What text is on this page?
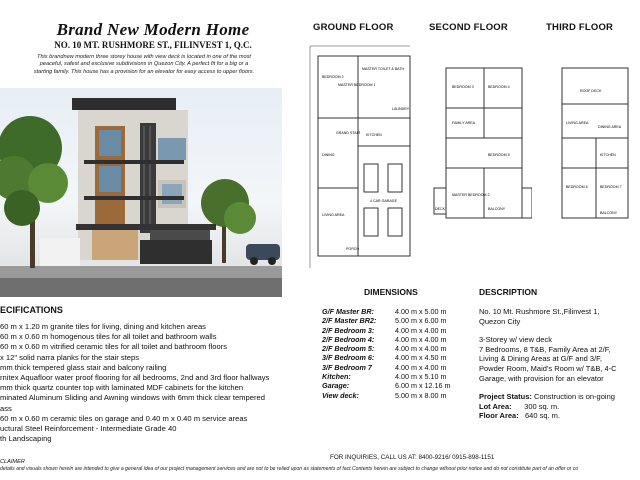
Brand New Modern Home
NO. 10 MT. RUSHMORE ST., FILINVEST 1, Q.C.
This brandnew modern three storey house with view deck is located in one of the most
peaceful, safest and exclusive subdivisions in Quezon City. A perfect fit for a big or a
starting family. This house has a provision for an elevator for easy access to upper floors.
GROUND FLOOR	SECOND FLOOR	THIRD FLOOR
MASTER TOILET & BATH
MASTER BEDROOM 1
BEDROOM 2
GRAND STAIR KITCHEN
DINING
LIVING AREA
4 CAR GARAGE
PORCH
LAUNDRY
BEDROOM 3	BEDROOM 4
FAMILY AREA
BEDROOM 5
MASTER BEDROOM 2
DECK	BALCONY
ROOF DECK
LIVING AREA
DINING AREA
KITCHEN
BEDROOM 6	BEDROOM 7
BALCONY
ECIFICATIONS
60 m x 1.20 m granite tiles for living, dining and kitchen areas
60 m x 0.60 m homogenous tiles for all toilet and bathroom walls
60 m x 0.60 m vitrified ceramic tiles for all toilet and bathroom floors
x 12" solid narra planks for the stair steps
mm thick tempered glass stair and balcony railing
rnitex Aquafloor water proof flooring for all bedrooms, 2nd and 3rd floor hallways
mm thick quartz counter top with laminated MDF cabinets for the kitchen
minated Aluminum Sliding and Awning windows with 6mm thick clear tempered
ass
60 m x 0.60 m ceramic tiles on garage and 0.40 m x 0.40 m service areas
uctural Steel Reinforcement - Intermediate Grade 40
th Landscaping
DIMENSIONS
G/F Master BR:	4.00 m x 5.00 m
2/F Master BR2:	5.00 m x 6.00 m
2/F Bedroom 3:	4.00 m x 4.00 m
2/F Bedroom 4:	4.00 m x 4.00 m
2/F Bedroom 5:	4.00 m x 4.00 m
3/F Bedroom 6:	4.00 m x 4.50 m
3/F Bedroom 7	4.00 m x 4.00 m
Kitchen:	4.00 m x 5.10 m
Garage:	6.00 m x 12.16 m
View deck:	5.00 m x 8.00 m
DESCRIPTION

No. 10 Mt. Rushmore St.,Filinvest 1,

Quezon City

3-Storey w/ view deck

7 Bedrooms, 8 T&B, Family Area at 2/F,

Living & Dining Areas at G/F and 3/F,

Powder Room, Maid's Room w/ T&B, 4-C

Garage, with provision for an elevator

Project Status: Construction is on-going

Lot Area: 300 sq. m.

Floor Area: 640 sq. m.

FOR INQUIRIES, CALL US AT: 8400-9216/ 0915-898-1151
CLAIMER
details and visuals shown herein are intended to give a general idea of our project management services and are not to be relied upon as statements of fact.Contents herein are subject to change without prior notice and do not constitute part of an offer or co
